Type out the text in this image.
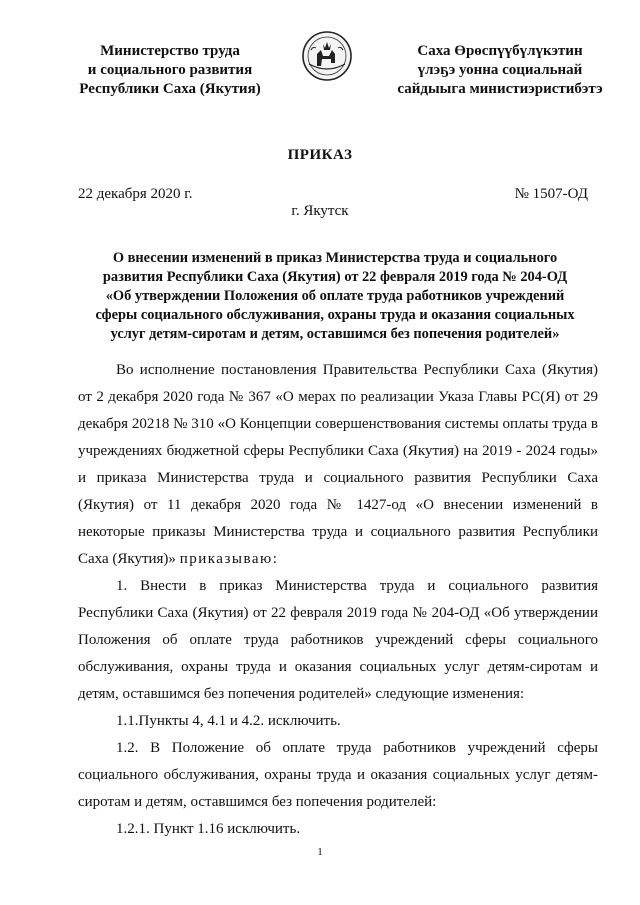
Министерство труда
и социального развития
Республики Саха (Якутия)
Саха Өрөспүүбүлүкэтин
үлэҕэ уонна социальнай
сайдыыга министиэристибэтэ
ПРИКАЗ
22 декабря 2020 г.	№ 1507-ОД
г. Якутск
О внесении изменений в приказ Министерства труда и социального
развития Республики Саха (Якутия) от 22 февраля 2019 года № 204-ОД
«Об утверждении Положения об оплате труда работников учреждений
сферы социального обслуживания, охраны труда и оказания социальных
услуг детям-сиротам и детям, оставшимся без попечения родителей»

Во исполнение постановления Правительства Республики Саха (Якутия) от 2 декабря 2020 года № 367 «О мерах по реализации Указа Главы РС(Я) от 29 декабря 20218 № 310 «О Концепции совершенствования системы оплаты труда в учреждениях бюджетной сферы Республики Саха (Якутия) на 2019 - 2024 годы» и приказа Министерства труда и социального развития Республики Саха (Якутия) от 11 декабря 2020 года № 1427-од «О внесении изменений в некоторые приказы Министерства труда и социального развития Республики Саха (Якутия)» приказываю:

1. Внести в приказ Министерства труда и социального развития Республики Саха (Якутия) от 22 февраля 2019 года № 204-ОД «Об утверждении Положения об оплате труда работников учреждений сферы социального обслуживания, охраны труда и оказания социальных услуг детям-сиротам и детям, оставшимся без попечения родителей» следующие изменения:

1.1.Пункты 4, 4.1 и 4.2. исключить.

1.2. В Положение об оплате труда работников учреждений сферы социального обслуживания, охраны труда и оказания социальных услуг детям-сиротам и детям, оставшимся без попечения родителей:

1.2.1. Пункт 1.16 исключить.

1
